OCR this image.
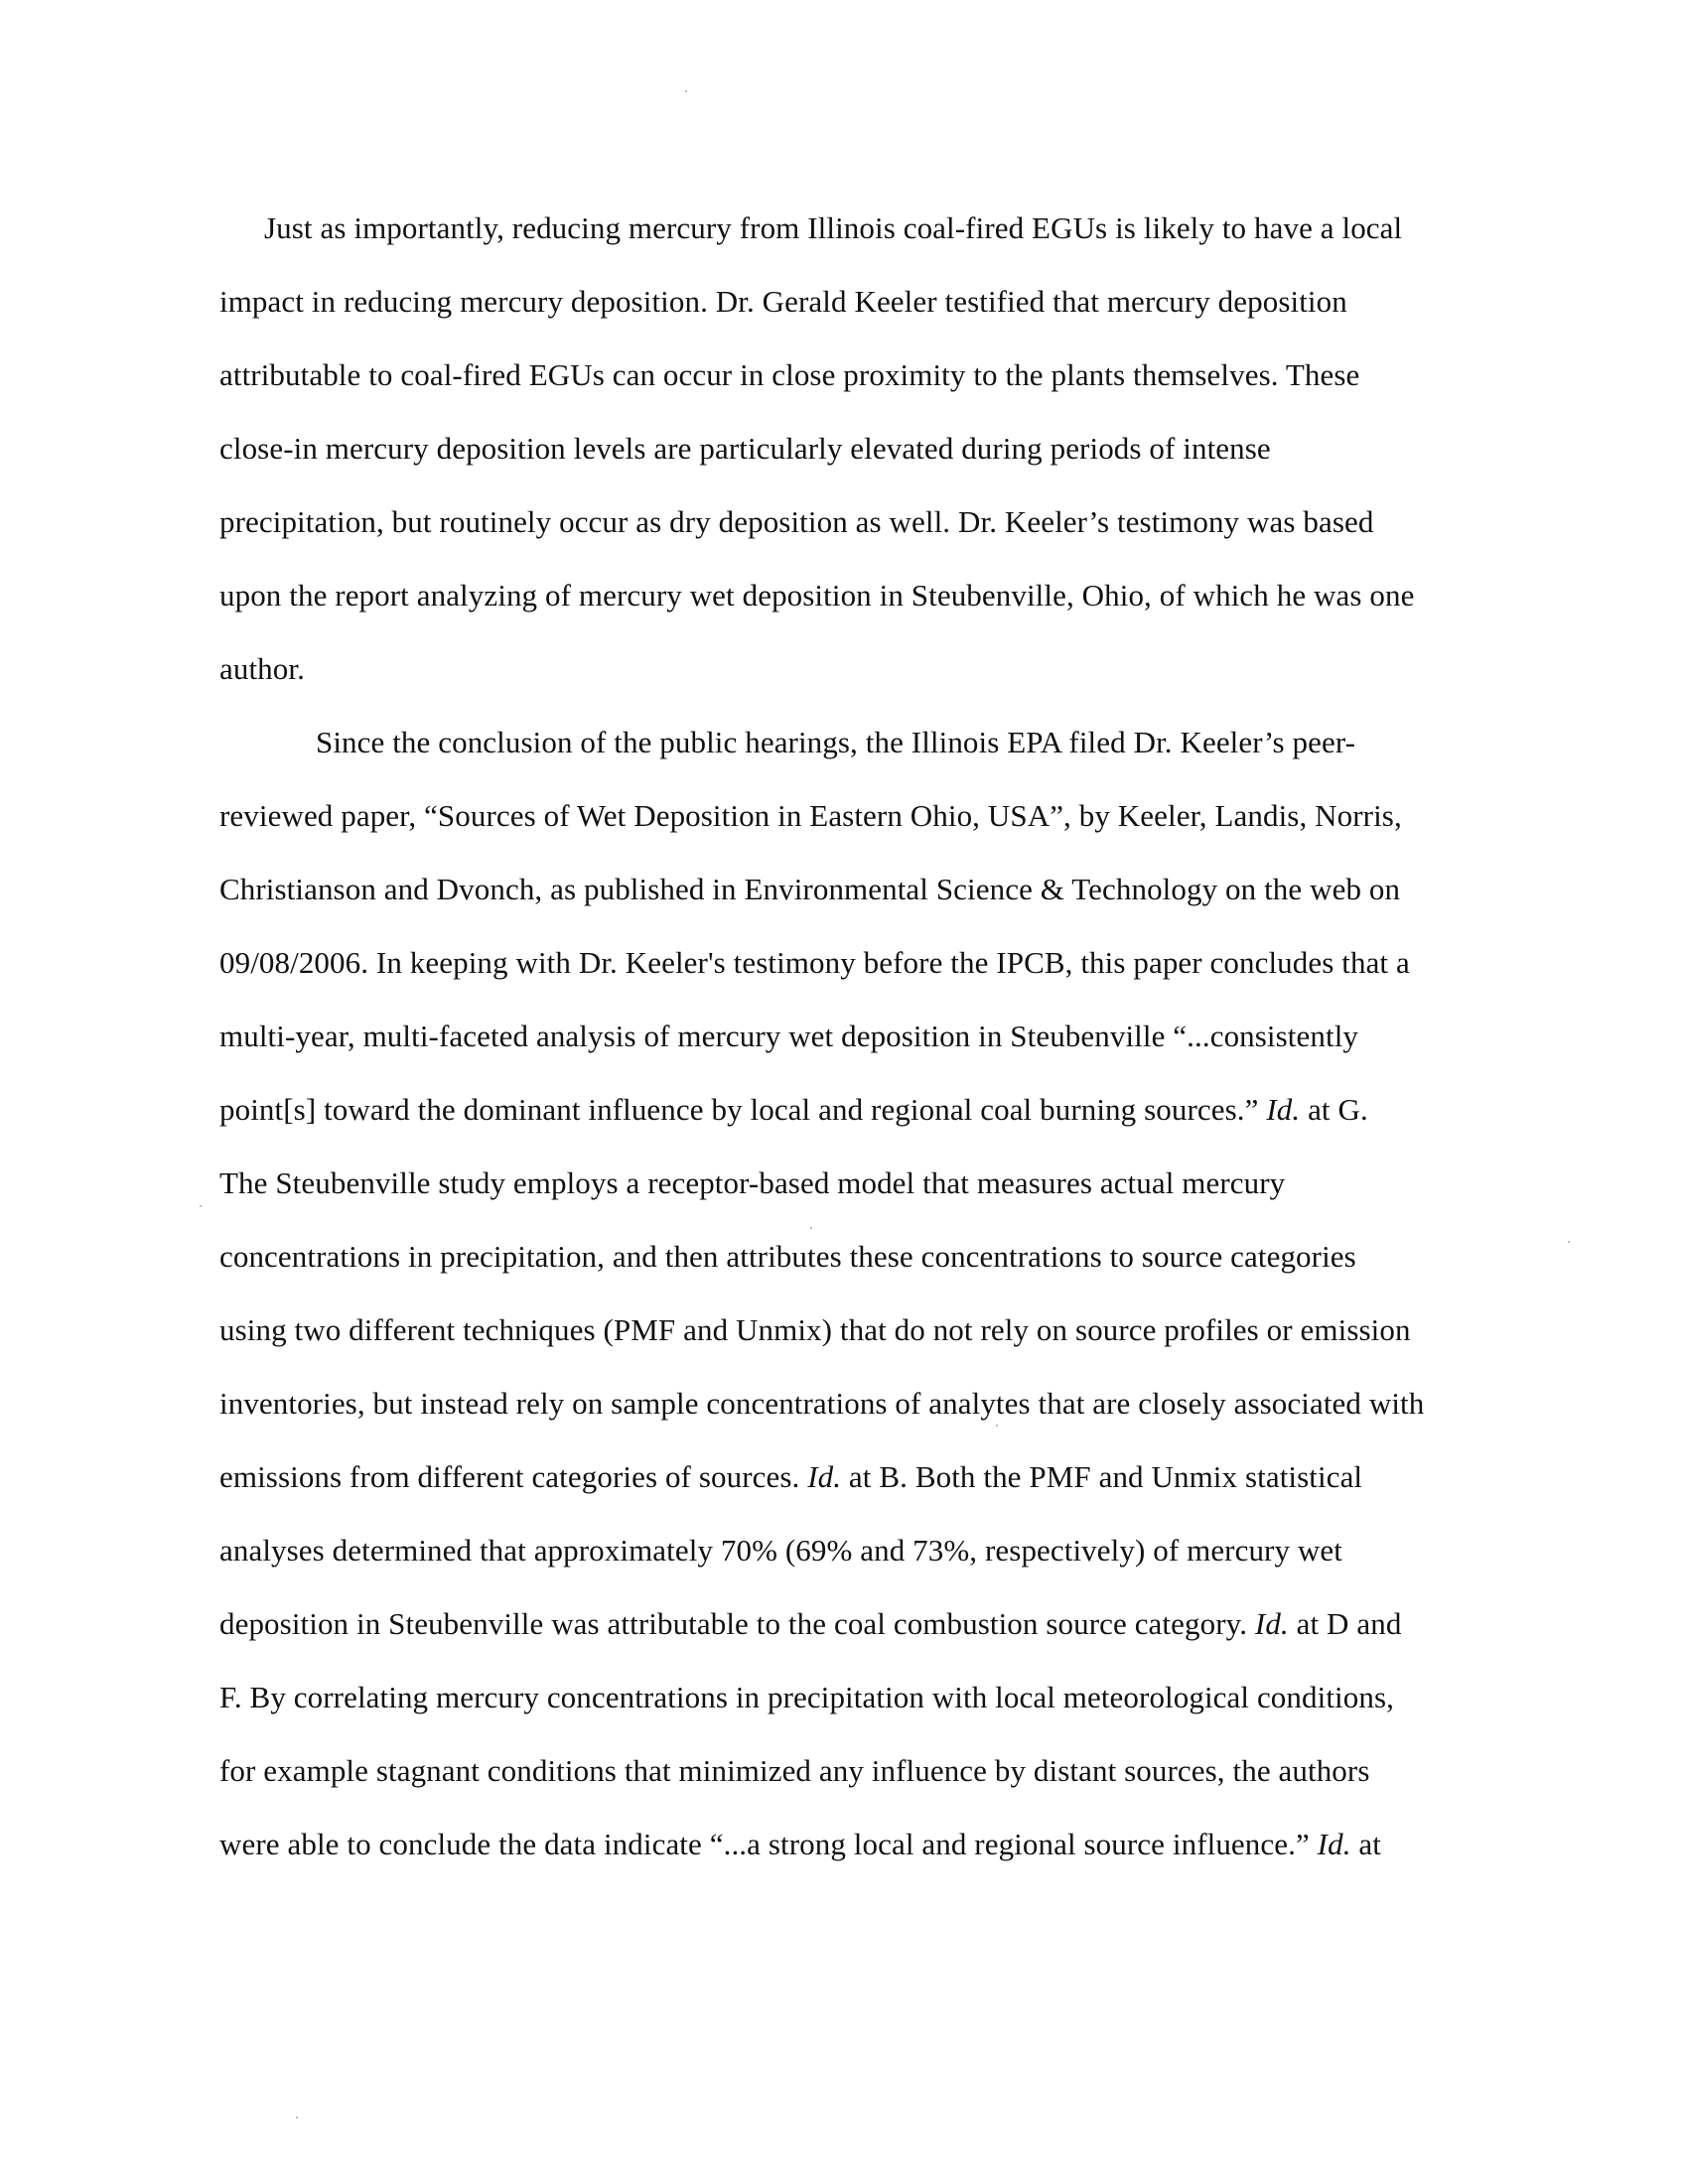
Just as importantly, reducing mercury from Illinois coal-fired EGUs is likely to have a local
impact in reducing mercury deposition. Dr. Gerald Keeler testified that mercury deposition
attributable to coal-fired EGUs can occur in close proximity to the plants themselves. These
close-in mercury deposition levels are particularly elevated during periods of intense
precipitation, but routinely occur as dry deposition as well. Dr. Keeler’s testimony was based
upon the report analyzing of mercury wet deposition in Steubenville, Ohio, of which he was one
author.
Since the conclusion of the public hearings, the Illinois EPA filed Dr. Keeler’s peer-
reviewed paper, “Sources of Wet Deposition in Eastern Ohio, USA”, by Keeler, Landis, Norris,
Christianson and Dvonch, as published in Environmental Science & Technology on the web on
09/08/2006. In keeping with Dr. Keeler's testimony before the IPCB, this paper concludes that a
multi-year, multi-faceted analysis of mercury wet deposition in Steubenville “...consistently
point[s] toward the dominant influence by local and regional coal burning sources.” Id. at G.
The Steubenville study employs a receptor-based model that measures actual mercury
concentrations in precipitation, and then attributes these concentrations to source categories
using two different techniques (PMF and Unmix) that do not rely on source profiles or emission
inventories, but instead rely on sample concentrations of analytes that are closely associated with
emissions from different categories of sources. Id. at B. Both the PMF and Unmix statistical
analyses determined that approximately 70% (69% and 73%, respectively) of mercury wet
deposition in Steubenville was attributable to the coal combustion source category. Id. at D and
F. By correlating mercury concentrations in precipitation with local meteorological conditions,
for example stagnant conditions that minimized any influence by distant sources, the authors
were able to conclude the data indicate “...a strong local and regional source influence.” Id. at
